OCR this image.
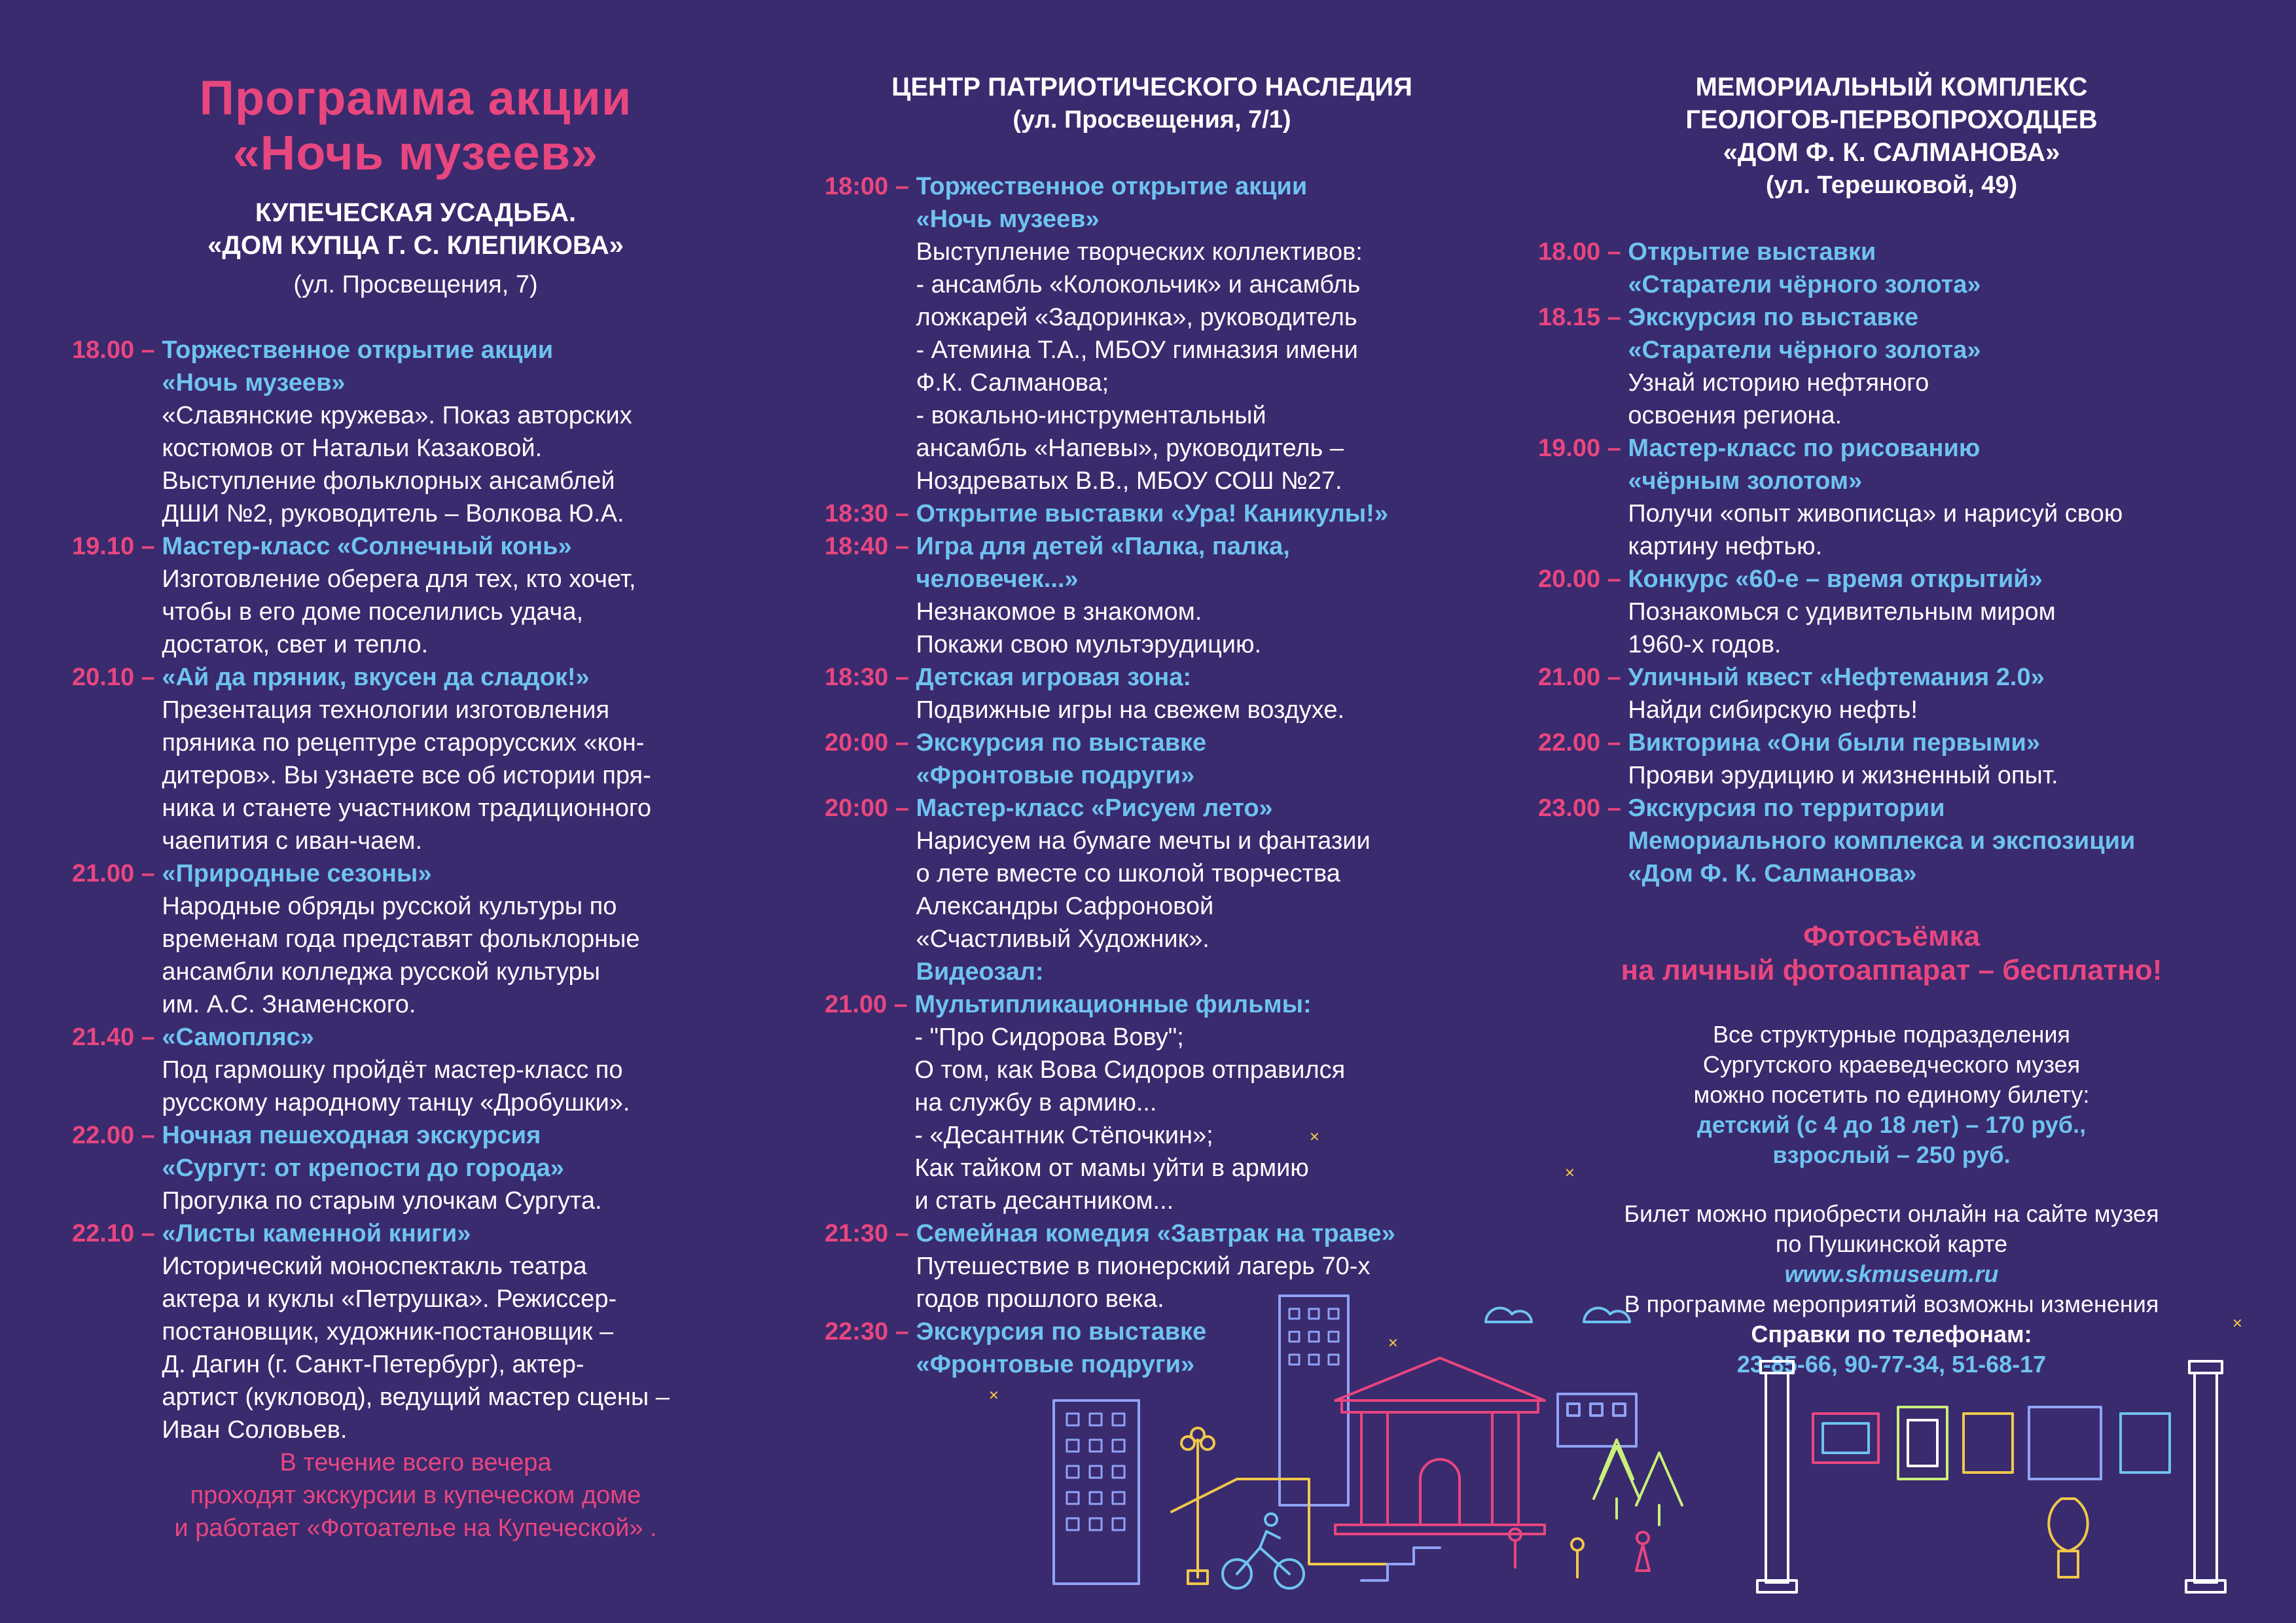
Программа акции
«Ночь музеев»
КУПЕЧЕСКАЯ УСАДЬБА.
«ДОМ КУПЦА Г. С. КЛЕПИКОВА»
(ул. Просвещения, 7)
18.00 – Торжественное открытие акции
«Ночь музеев»
«Славянские кружева». Показ авторских
костюмов от Натальи Казаковой.
Выступление фольклорных ансамблей
ДШИ №2, руководитель – Волкова Ю.А.
19.10 – Мастер-класс «Солнечный конь»
Изготовление оберега для тех, кто хочет,
чтобы в его доме поселились удача,
достаток, свет и тепло.
20.10 – «Ай да пряник, вкусен да сладок!»
Презентация технологии изготовления
пряника по рецептуре старорусских «кон-
дитеров». Вы узнаете все об истории пря-
ника и станете участником традиционного
чаепития с иван-чаем.
21.00 – «Природные сезоны»
Народные обряды русской культуры по
временам года представят фольклорные
ансамбли колледжа русской культуры
им. А.С. Знаменского.
21.40 – «Самопляс»
Под гармошку пройдёт мастер-класс по
русскому народному танцу «Дробушки».
22.00 – Ночная пешеходная экскурсия
«Сургут: от крепости до города»
Прогулка по старым улочкам Сургута.
22.10 – «Листы каменной книги»
Исторический моноспектакль театра
актера и куклы «Петрушка». Режиссер-
постановщик, художник-постановщик –
Д. Дагин (г. Санкт-Петербург), актер-
артист (кукловод), ведущий мастер сцены –
Иван Соловьев.
В течение всего вечера
проходят экскурсии в купеческом доме
и работает «Фотоателье на Купеческой» .
ЦЕНТР ПАТРИОТИЧЕСКОГО НАСЛЕДИЯ
(ул. Просвещения, 7/1)
18:00 – Торжественное открытие акции
«Ночь музеев»
Выступление творческих коллективов:
- ансамбль «Колокольчик» и ансамбль
ложкарей «Задоринка», руководитель
- Атемина Т.А., МБОУ гимназия имени
Ф.К. Салманова;
- вокально-инструментальный
ансамбль «Напевы», руководитель –
Ноздреватых В.В., МБОУ СОШ №27.
18:30 – Открытие выставки «Ура! Каникулы!»
18:40 – Игра для детей «Палка, палка,
человечек...»
Незнакомое в знакомом.
Покажи свою мультэрудицию.
18:30 – Детская игровая зона:
Подвижные игры на свежем воздухе.
20:00 – Экскурсия по выставке
«Фронтовые подруги»
20:00 – Мастер-класс «Рисуем лето»
Нарисуем на бумаге мечты и фантазии
о лете вместе со школой творчества
Александры Сафроновой
«Счастливый Художник».
Видеозал:
21.00 – Мультипликационные фильмы:
- "Про Сидорова Вову";
О том, как Вова Сидоров отправился
на службу в армию...
- «Десантник Стёпочкин»;
Как тайком от мамы уйти в армию
и стать десантником...
21:30 – Семейная комедия «Завтрак на траве»
Путешествие в пионерский лагерь 70-х
годов прошлого века.
22:30 – Экскурсия по выставке
«Фронтовые подруги»
МЕМОРИАЛЬНЫЙ КОМПЛЕКС
ГЕОЛОГОВ-ПЕРВОПРОХОДЦЕВ
«ДОМ Ф. К. САЛМАНОВА»
(ул. Терешковой, 49)
18.00 – Открытие выставки
«Старатели чёрного золота»
18.15 – Экскурсия по выставке
«Старатели чёрного золота»
Узнай историю нефтяного
освоения региона.
19.00 – Мастер-класс по рисованию
«чёрным золотом»
Получи «опыт живописца» и нарисуй свою
картину нефтью.
20.00 – Конкурс «60-е – время открытий»
Познакомься с удивительным миром
1960-х годов.
21.00 – Уличный квест «Нефтемания 2.0»
Найди сибирскую нефть!
22.00 – Викторина «Они были первыми»
Прояви эрудицию и жизненный опыт.
23.00 – Экскурсия по территории
Мемориального комплекса и экспозиции
«Дом Ф. К. Салманова»
Фотосъёмка
на личный фотоаппарат – бесплатно!
Все структурные подразделения
Сургутского краеведческого музея
можно посетить по единому билету:
детский (с 4 до 18 лет) – 170 руб.,
взрослый – 250 руб.
Билет можно приобрести онлайн на сайте музея
по Пушкинской карте
www.skmuseum.ru
В программе мероприятий возможны изменения
Справки по телефонам:
23-85-66, 90-77-34, 51-68-17
✕
✕
✕
✕
✕
